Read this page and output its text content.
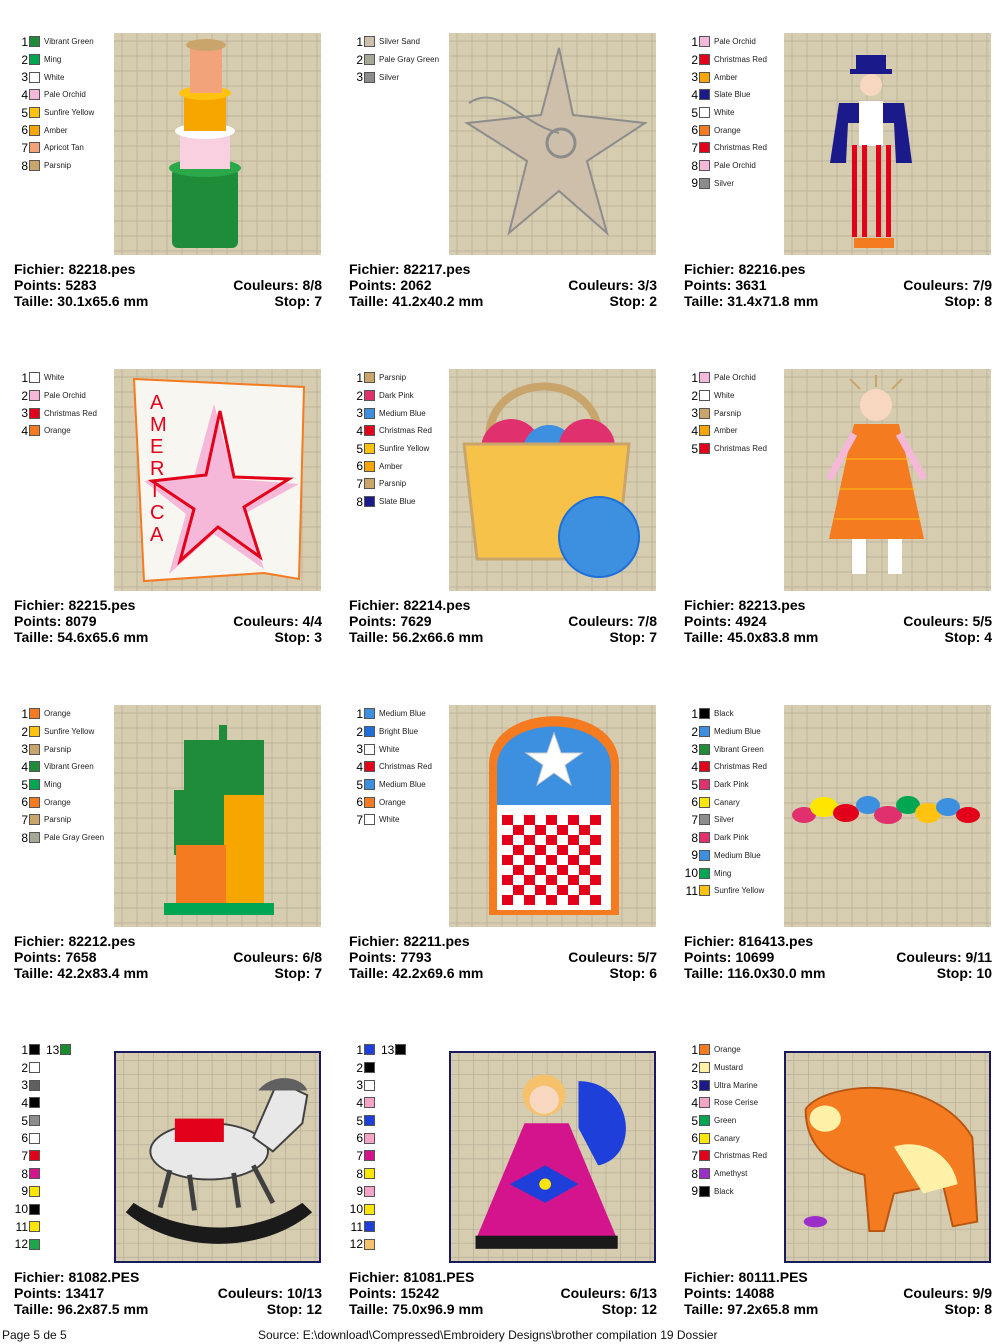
1 Vibrant Green
2 Ming
3 White
4 Pale Orchid
5 Sunfire Yellow
6 Amber
7 Apricot Tan
8 Parsnip
Fichier: 82218.pes
Points: 5283	Couleurs: 8/8
Taille: 30.1x65.6 mm	Stop: 7
1 Silver Sand
2 Pale Gray Green
3 Silver
Fichier: 82217.pes
Points: 2062	Couleurs: 3/3
Taille: 41.2x40.2 mm	Stop: 2
1 Pale Orchid
2 Christmas Red
3 Amber
4 Slate Blue
5 White
6 Orange
7 Christmas Red
8 Pale Orchid
9 Silver
Fichier: 82216.pes
Points: 3631	Couleurs: 7/9
Taille: 31.4x71.8 mm	Stop: 8
1 White
2 Pale Orchid
3 Christmas Red
4 Orange
A
M
E
R
I
C
A
Fichier: 82215.pes
Points: 8079	Couleurs: 4/4
Taille: 54.6x65.6 mm	Stop: 3
1 Parsnip
2 Dark Pink
3 Medium Blue
4 Christmas Red
5 Sunfire Yellow
6 Amber
7 Parsnip
8 Slate Blue
Fichier: 82214.pes
Points: 7629	Couleurs: 7/8
Taille: 56.2x66.6 mm	Stop: 7
1 Pale Orchid
2 White
3 Parsnip
4 Amber
5 Christmas Red
Fichier: 82213.pes
Points: 4924	Couleurs: 5/5
Taille: 45.0x83.8 mm	Stop: 4
1 Orange
2 Sunfire Yellow
3 Parsnip
4 Vibrant Green
5 Ming
6 Orange
7 Parsnip
8 Pale Gray Green
Fichier: 82212.pes
Points: 7658	Couleurs: 6/8
Taille: 42.2x83.4 mm	Stop: 7
1 Medium Blue
2 Bright Blue
3 White
4 Christmas Red
5 Medium Blue
6 Orange
7 White
Fichier: 82211.pes
Points: 7793	Couleurs: 5/7
Taille: 42.2x69.6 mm	Stop: 6
1 Black
2 Medium Blue
3 Vibrant Green
4 Christmas Red
5 Dark Pink
6 Canary
7 Silver
8 Dark Pink
9 Medium Blue
10 Ming
11 Sunfire Yellow
Fichier: 816413.pes
Points: 10699	Couleurs: 9/11
Taille: 116.0x30.0 mm	Stop: 10
1 13
2
3
4
5
6
7
8
9
10
11
12
Fichier: 81082.PES
Points: 13417	Couleurs: 10/13
Taille: 96.2x87.5 mm	Stop: 12
1 13
2
3
4
5
6
7
8
9
10
11
12
Fichier: 81081.PES
Points: 15242	Couleurs: 6/13
Taille: 75.0x96.9 mm	Stop: 12
1 Orange
2 Mustard
3 Ultra Marine
4 Rose Cerise
5 Green
6 Canary
7 Christmas Red
8 Amethyst
9 Black
Fichier: 80111.PES
Points: 14088	Couleurs: 9/9
Taille: 97.2x65.8 mm	Stop: 8
Page 5 de 5	Source: E:\download\Compressed\Embroidery Designs\brother compilation 19 Dossier
